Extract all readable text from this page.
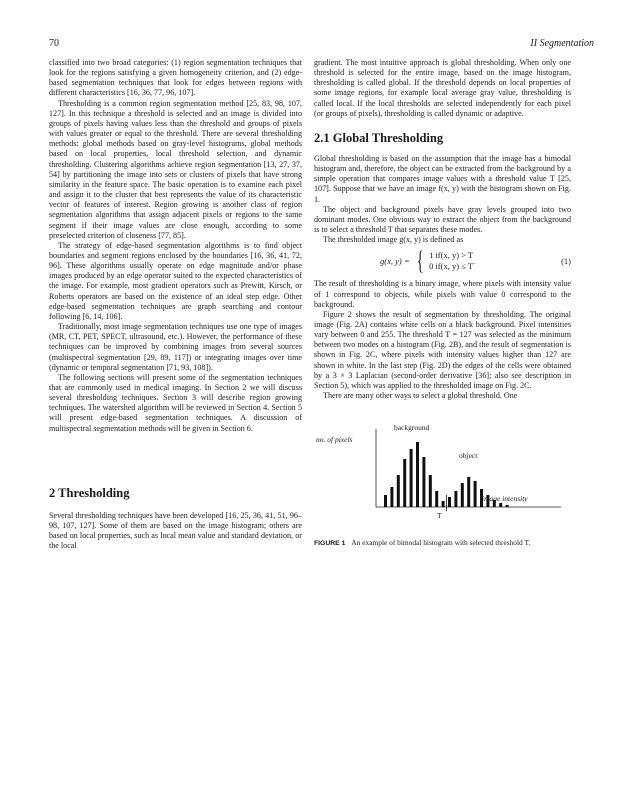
70	II Segmentation

classified into two broad categories: (1) region segmentation techniques that look for the regions satisfying a given homogeneity criterion, and (2) edge-based segmentation techniques that look for edges between regions with different characteristics [16, 36, 77, 96, 107].

Thresholding is a common region segmentation method [25, 83, 98, 107, 127]. In this technique a threshold is selected and an image is divided into groups of pixels having values less than the threshold and groups of pixels with values greater or equal to the threshold. There are several thresholding methods: global methods based on gray-level histograms, global methods based on local properties, local threshold selection, and dynamic thresholding. Clustering algorithms achieve region segmentation [13, 27, 37, 54] by partitioning the image into sets or clusters of pixels that have strong similarity in the feature space. The basic operation is to examine each pixel and assign it to the cluster that best represents the value of its characteristic vector of features of interest. Region growing is another class of region segmentation algorithms that assign adjacent pixels or regions to the same segment if their image values are close enough, according to some preselected criterion of closeness [77, 85].

The strategy of edge-based segmentation algorithms is to find object boundaries and segment regions enclosed by the boundaries [16, 36, 41, 72, 96]. These algorithms usually operate on edge magnitude and/or phase images produced by an edge operator suited to the expected characteristics of the image. For example, most gradient operators such as Prewitt, Kirsch, or Roberts operators are based on the existence of an ideal step edge. Other edge-based segmentation techniques are graph searching and contour following [6, 14, 106].

Traditionally, most image segmentation techniques use one type of images (MR, CT, PET, SPECT, ultrasound, etc.). However, the performance of these techniques can be improved by combining images from several sources (multispectral segmentation [29, 89, 117]) or integrating images over time (dynamic or temporal segmentation [71, 93, 108]).

The following sections will present some of the segmentation techniques that are commonly used in medical imaging. In Section 2 we will discuss several thresholding techniques. Section 3 will describe region growing techniques. The watershed algorithm will be reviewed in Section 4. Section 5 will present edge-based segmentation techniques. A discussion of multispectral segmentation methods will be given in Section 6.

2 Thresholding

Several thresholding techniques have been developed [16, 25, 36, 41, 51, 96–98, 107, 127]. Some of them are based on the image histogram; others are based on local properties, such as local mean value and standard deviation, or the local

gradient. The most intuitive approach is global thresholding. When only one threshold is selected for the entire image, based on the image histogram, thresholding is called global. If the threshold depends on local properties of some image regions, for example local average gray value, thresholding is called local. If the local thresholds are selected independently for each pixel (or groups of pixels), thresholding is called dynamic or adaptive.

2.1 Global Thresholding

Global thresholding is based on the assumption that the image has a bimodal histogram and, therefore, the object can be extracted from the background by a simple operation that compares image values with a threshold value T [25, 107]. Suppose that we have an image f(x, y) with the histogram shown on Fig. 1.

The object and background pixels have gray levels grouped into two dominant modes. One obvious way to extract the object from the background is to select a threshold T that separates these modes.

The thresholded image g(x, y) is defined as

g(x, y) = { 1 if(x, y) > T
0 if(x, y) ≤ T .	(1)

The result of thresholding is a binary image, where pixels with intensity value of 1 correspond to objects, while pixels with value 0 correspond to the background.

Figure 2 shows the result of segmentation by thresholding. The original image (Fig. 2A) contains white cells on a black background. Pixel intensities vary between 0 and 255. The threshold T = 127 was selected as the minimum between two modes on a histogram (Fig. 2B), and the result of segmentation is shown in Fig. 2C, where pixels with intensity values higher than 127 are shown in white. In the last step (Fig. 2D) the edges of the cells were obtained by a 3 × 3 Laplacian (second-order derivative [36]; also see description in Section 5), which was applied to the thresholded image on Fig. 2C.

There are many other ways to select a global threshold. One

no. of pixels
image intensity
background
object
T
FIGURE 1 An example of bimodal histogram with selected threshold T.
